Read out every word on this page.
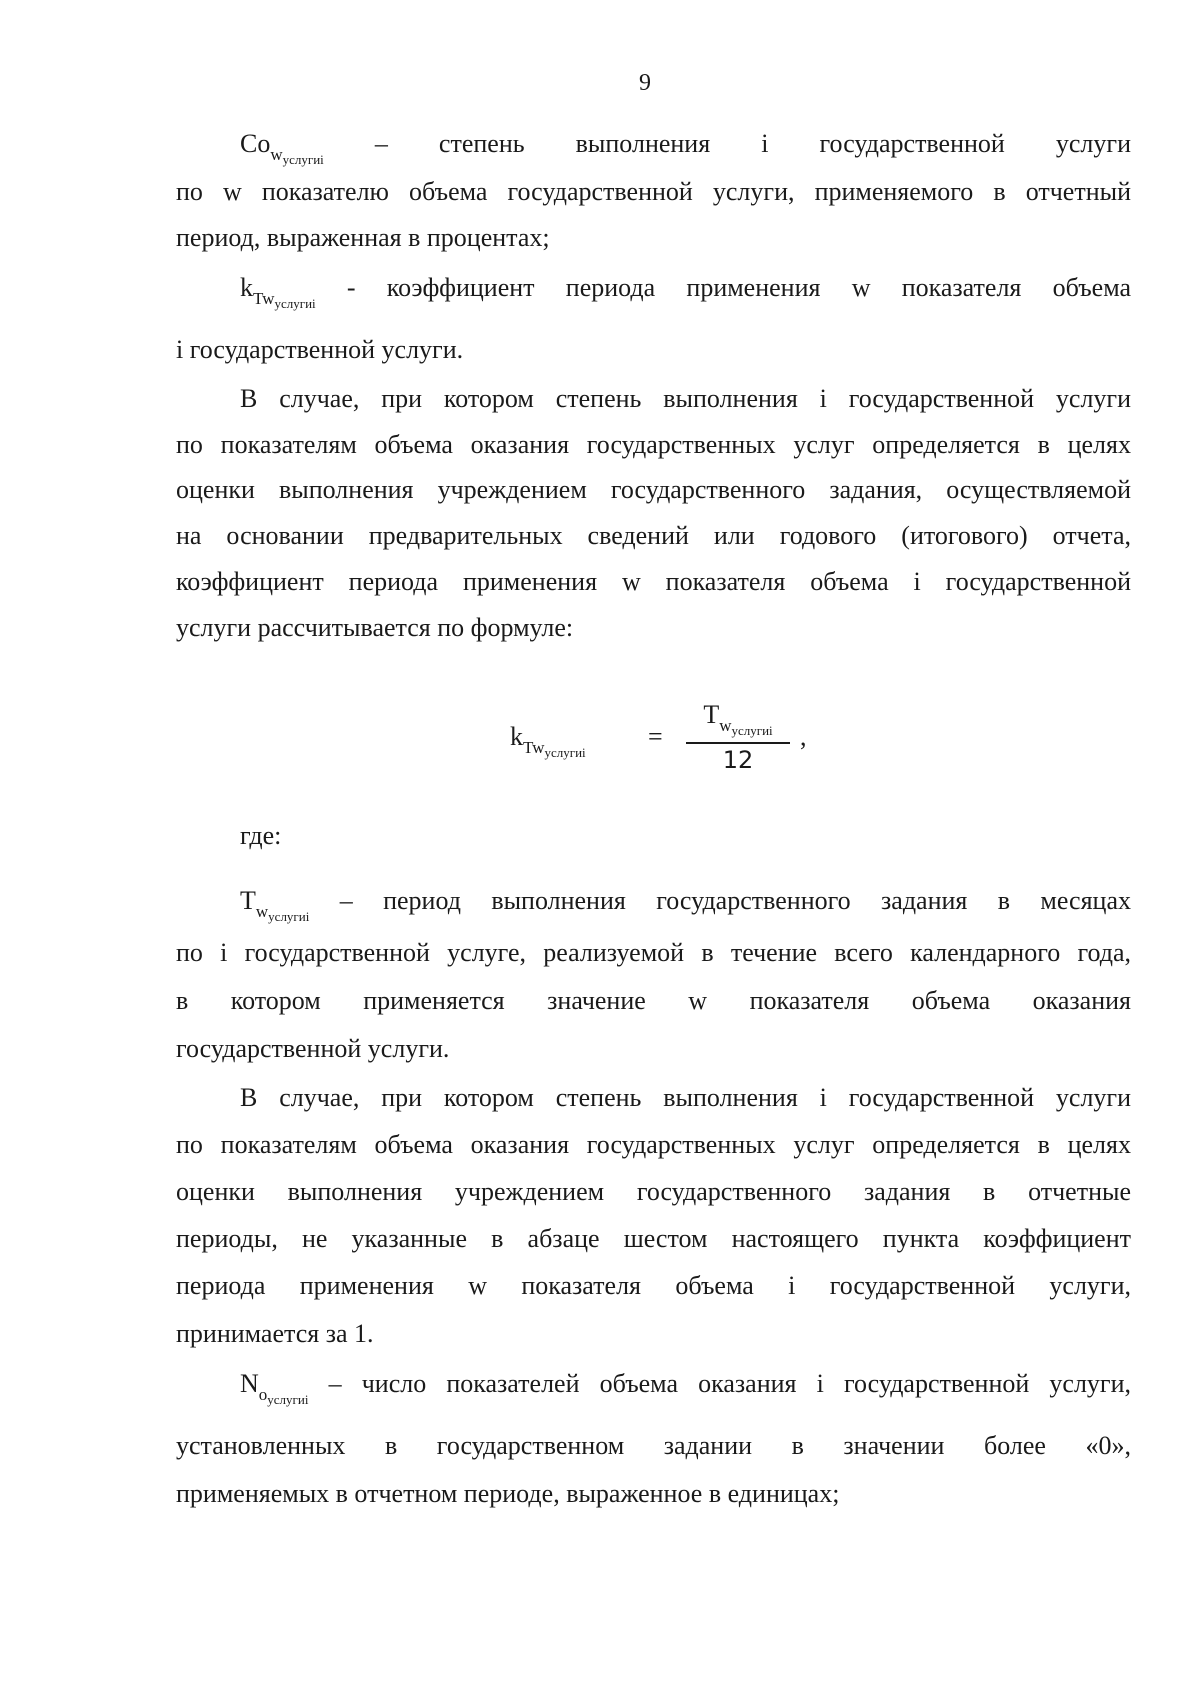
9
$Co_{wуслугиi}$ – степень выполнения i государственной услуги
по w показателю объема государственной услуги, применяемого в отчетный
период, выраженная в процентах;
$k_{Twуслугиi}$ - коэффициент периода применения w показателя объема
i государственной услуги.
В случае, при котором степень выполнения i государственной услуги
по показателям объема оказания государственных услуг определяется в целях
оценки выполнения учреждением государственного задания, осуществляемой
на основании предварительных сведений или годового (итогового) отчета,
коэффициент периода применения w показателя объема i государственной
услуги рассчитывается по формуле:
$k_{Twуслугиi}$
=
$T_{wуслугиi}$
12
,
где:
$T_{wуслугиi}$ – период выполнения государственного задания в месяцах
по i государственной услуге, реализуемой в течение всего календарного года,
в котором применяется значение w показателя объема оказания
государственной услуги.
В случае, при котором степень выполнения i государственной услуги
по показателям объема оказания государственных услуг определяется в целях
оценки выполнения учреждением государственного задания в отчетные
периоды, не указанные в абзаце шестом настоящего пункта коэффициент
периода применения w показателя объема i государственной услуги,
принимается за 1.
$N_{oуслугиi}$ – число показателей объема оказания i государственной услуги,
установленных в государственном задании в значении более «0»,
применяемых в отчетном периоде, выраженное в единицах;
